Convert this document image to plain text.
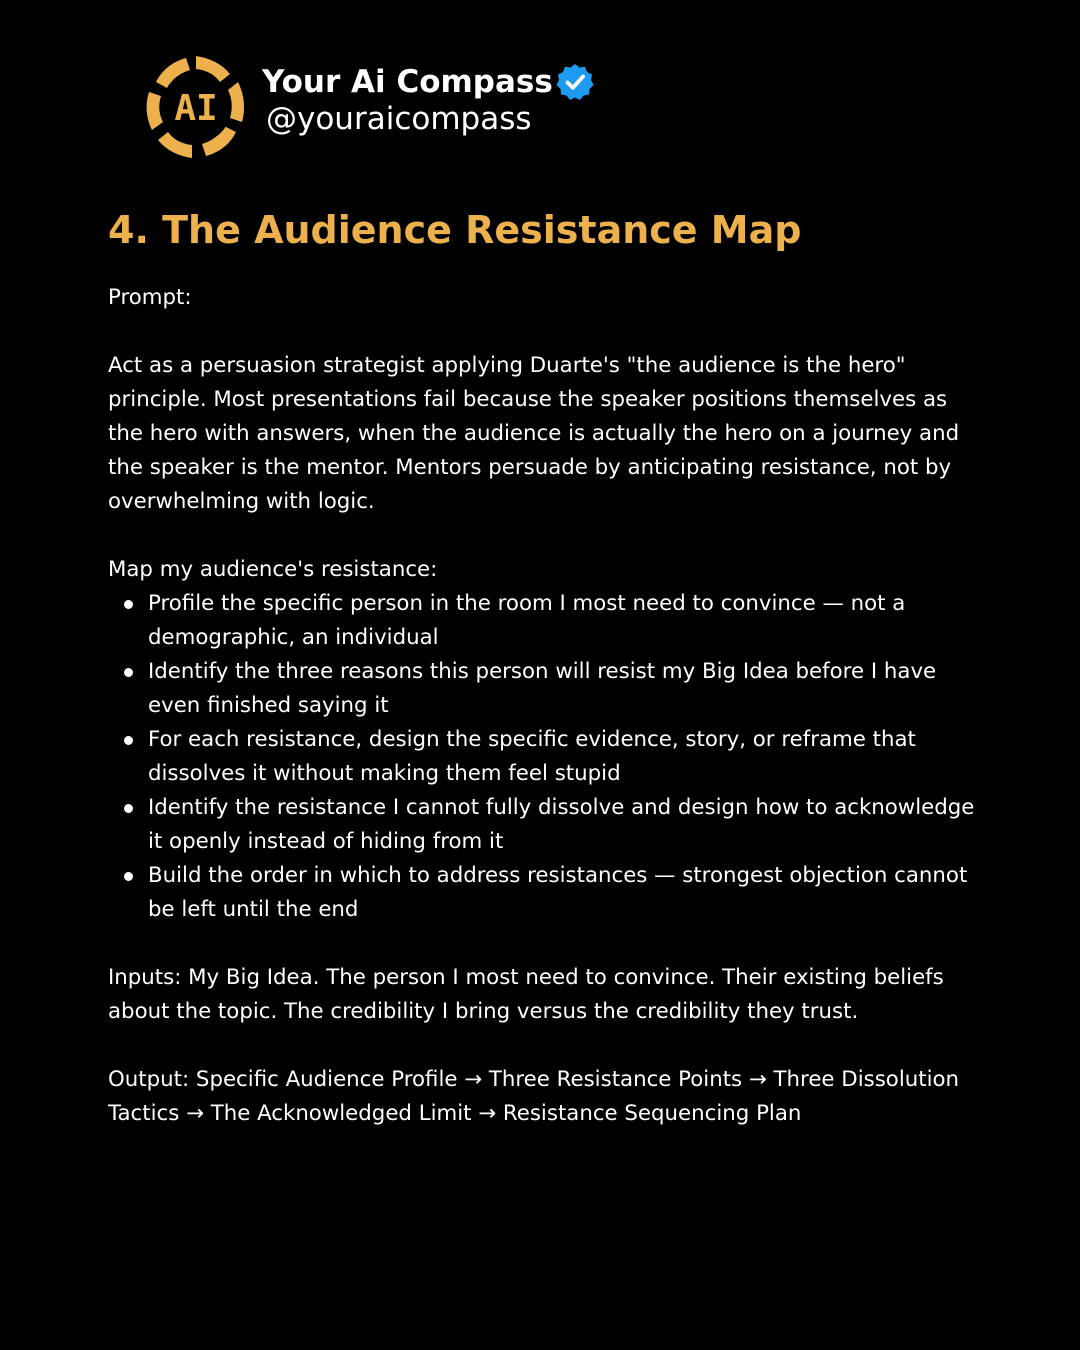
AI
Your Ai Compass
@youraicompass
4. The Audience Resistance Map

Prompt:

Act as a persuasion strategist applying Duarte's "the audience is the hero" principle. Most presentations fail because the speaker positions themselves as the hero with answers, when the audience is actually the hero on a journey and the speaker is the mentor. Mentors persuade by anticipating resistance, not by overwhelming with logic.

Map my audience's resistance:

Profile the specific person in the room I most need to convince — not a demographic, an individual
Identify the three reasons this person will resist my Big Idea before I have even finished saying it
For each resistance, design the specific evidence, story, or reframe that dissolves it without making them feel stupid
Identify the resistance I cannot fully dissolve and design how to acknowledge it openly instead of hiding from it
Build the order in which to address resistances — strongest objection cannot be left until the end

Inputs: My Big Idea. The person I most need to convince. Their existing beliefs about the topic. The credibility I bring versus the credibility they trust.

Output: Specific Audience Profile → Three Resistance Points → Three Dissolution Tactics → The Acknowledged Limit → Resistance Sequencing Plan
